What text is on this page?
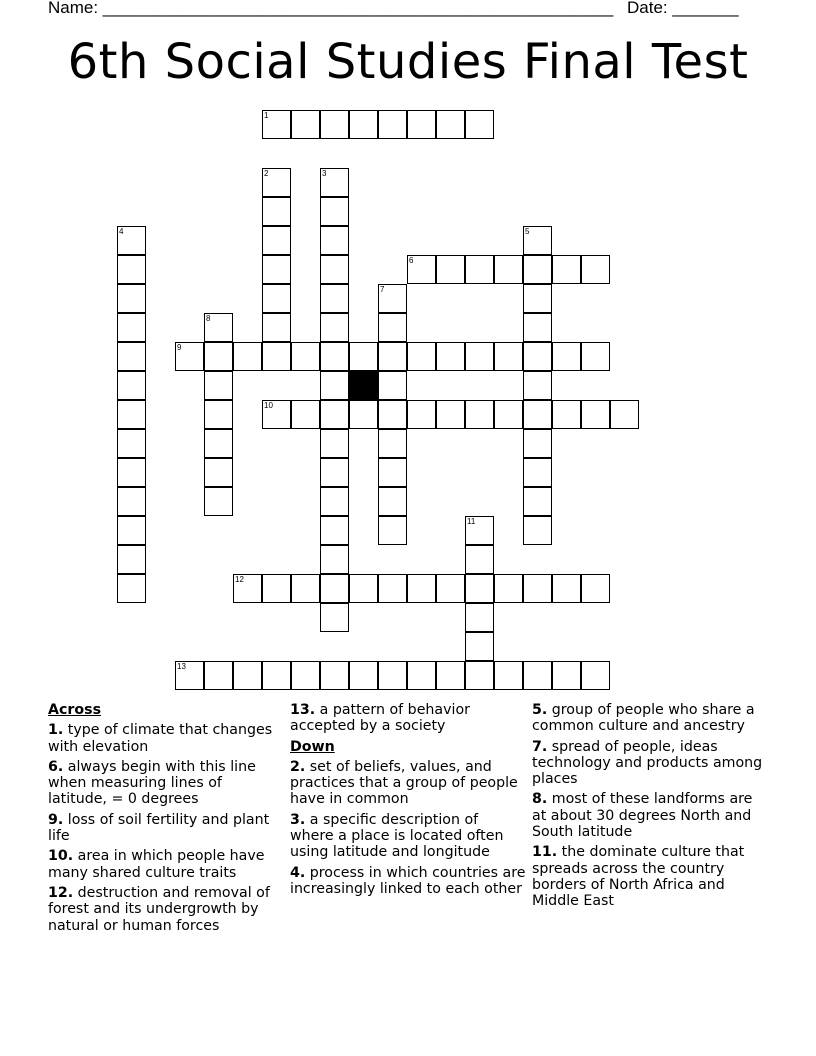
Name: ______________________________________________________ Date: _______
6th Social Studies Final Test
1
2	3
4	5
6
7
8
9
10
11
12
13
Across
1. type of climate that changes with elevation
6. always begin with this line when measuring lines of latitude, = 0 degrees
9. loss of soil fertility and plant life
10. area in which people have many shared culture traits
12. destruction and removal of forest and its undergrowth by natural or human forces
13. a pattern of behavior accepted by a society
Down
2. set of beliefs, values, and practices that a group of people have in common
3. a specific description of where a place is located often using latitude and longitude
4. process in which countries are increasingly linked to each other
5. group of people who share a common culture and ancestry
7. spread of people, ideas technology and products among places
8. most of these landforms are at about 30 degrees North and South latitude
11. the dominate culture that spreads across the country borders of North Africa and Middle East
